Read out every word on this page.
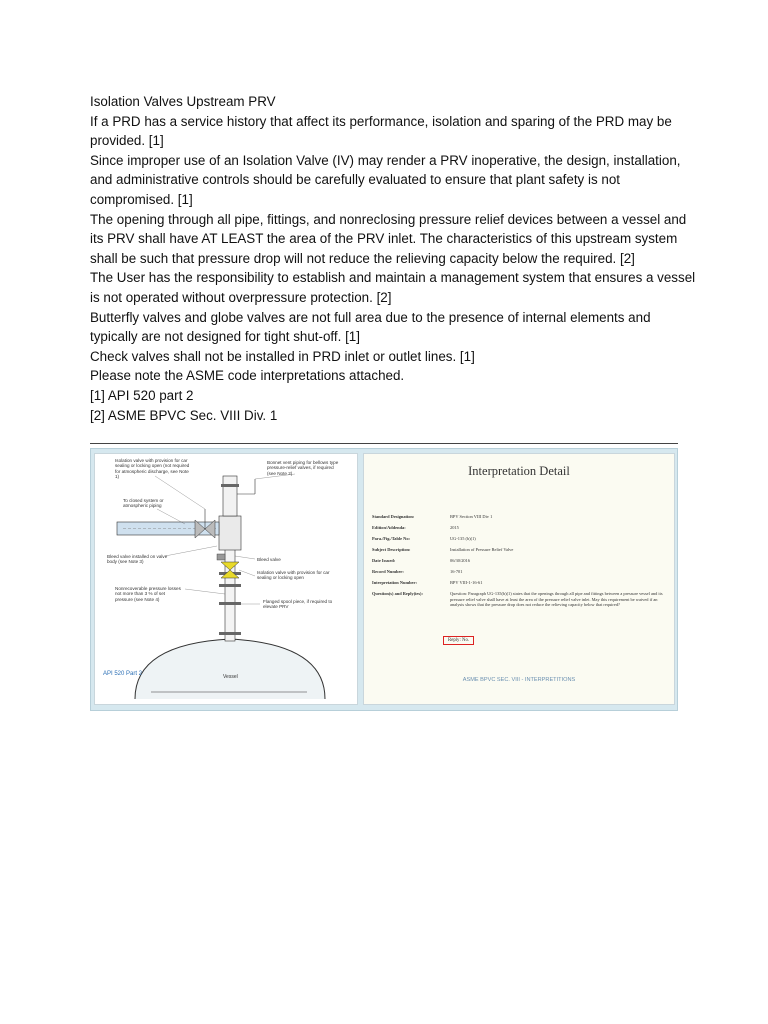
Isolation Valves Upstream PRV
If a PRD has a service history that affect its performance, isolation and sparing of the PRD may be
provided. [1]
Since improper use of an Isolation Valve (IV) may render a PRV inoperative, the design, installation,
and administrative controls should be carefully evaluated to ensure that plant safety is not
compromised. [1]
The opening through all pipe, fittings, and nonreclosing pressure relief devices between a vessel and
its PRV shall have AT LEAST the area of the PRV inlet. The characteristics of this upstream system
shall be such that pressure drop will not reduce the relieving capacity below the required. [2]
The User has the responsibility to establish and maintain a management system that ensures a vessel
is not operated without overpressure protection. [2]
Butterfly valves and globe valves are not full area due to the presence of internal elements and
typically are not designed for tight shut-off. [1]
Check valves shall not be installed in PRD inlet or outlet lines. [1]
Please note the ASME code interpretations attached.
[1] API 520 part 2
[2] ASME BPVC Sec. VIII Div. 1
Isolation valve with provision for car sealing or locking open (not required for atmospheric discharge, see Note 1)
Bonnet vent piping for bellows type pressure-relief valves, if required (see Note 2)
To closed system or atmospheric piping
Bleed valve installed on valve body (see Note 3)	Bleed valve
Isolation valve with provision for car sealing or locking open
Nonrecoverable pressure losses not more than 3 % of set pressure (see Note 4)	Flanged spool piece, if required to elevate PRV
API 520 Part 2	Vessel
Interpretation Detail
Standard Designation:	BPV Section VIII Div 1
Edition/Addenda:	2015
Para./Fig./Table No:	UG-135 (b)(1)
Subject Description:	Installation of Pressure Relief Valve
Date Issued:	06/30/2016
Record Number:	16-701
Interpretation Number:	BPV VIII-1-16-61
Question(s) and Reply(ies):	Question: Paragraph UG-135(b)(1) states that the openings through all pipe and fittings between a pressure vessel and its pressure relief valve shall have at least the area of the pressure relief valve inlet. May this requirement be waived if an analysis shows that the pressure drop does not reduce the relieving capacity below that required?
Reply: No.
ASME BPVC SEC. VIII - INTERPRETITIONS
